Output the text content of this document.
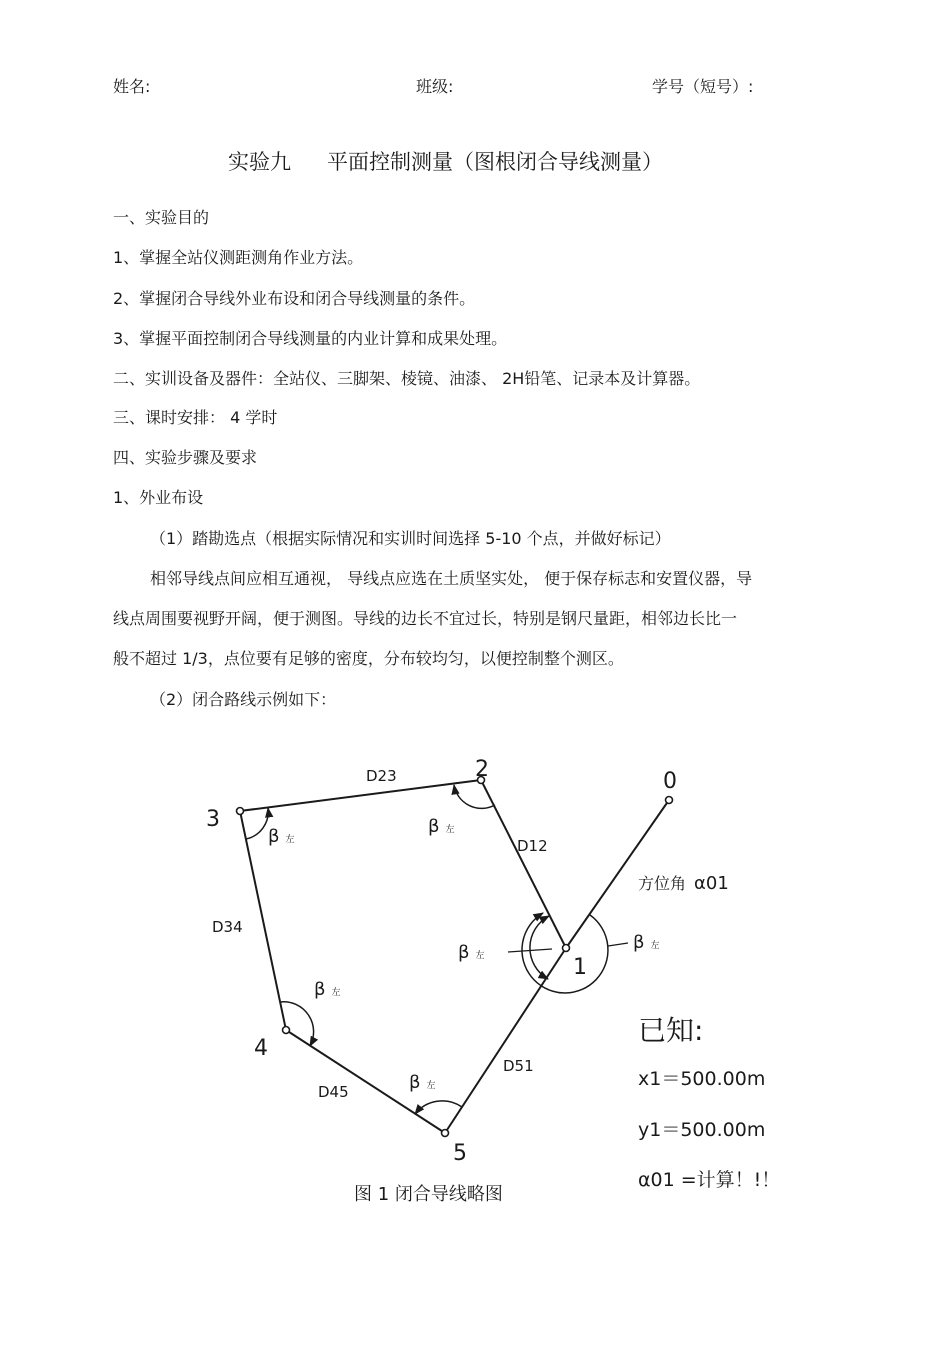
姓名:	班级:	学号（短号）:
实验九 平面控制测量（图根闭合导线测量）
一、实验目的
1、掌握全站仪测距测角作业方法。
2、掌握闭合导线外业布设和闭合导线测量的条件。
3、掌握平面控制闭合导线测量的内业计算和成果处理。
二、实训设备及器件：全站仪、三脚架、棱镜、油漆、 2H铅笔、记录本及计算器。
三、课时安排： 4 学时
四、实验步骤及要求
1、外业布设
（1）踏勘选点（根据实际情况和实训时间选择 5-10 个点，并做好标记）
相邻导线点间应相互通视， 导线点应选在土质坚实处， 便于保存标志和安置仪器，导
线点周围要视野开阔，便于测图。导线的边长不宜过长，特别是钢尺量距，相邻边长比一
般不超过 1/3，点位要有足够的密度，分布较均匀，以便控制整个测区。
（2）闭合路线示例如下：
0
1
2
3
4
5
D23
D12
D34
D45
D51
β左
β左
β左
β左
β左
β左
方位角 α01
已知:
x1＝500.00m
y1＝500.00m
α01 =计算！!！
图 1 闭合导线略图
